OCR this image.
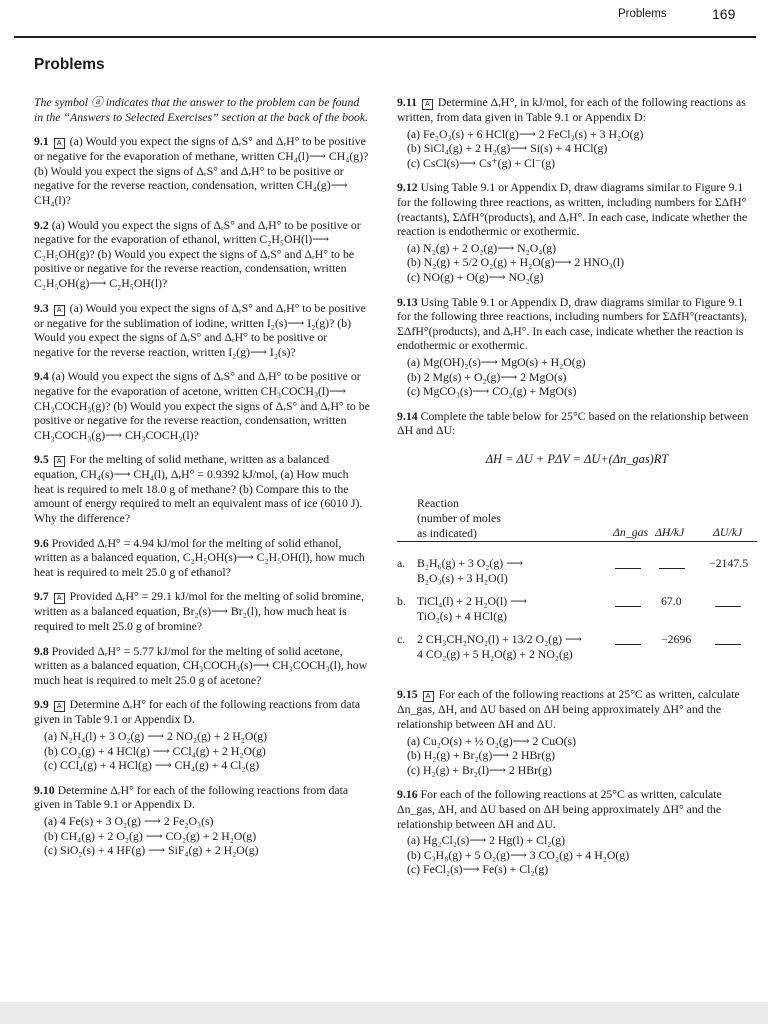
Problems	169
Problems

The symbol ⓐ indicates that the answer to the problem can be found in the “Answers to Selected Exercises” section at the back of the book.

9.1 A (a) Would you expect the signs of ΔᵣS° and ΔᵣH° to be positive or negative for the evaporation of methane, written CH₄(l)⟶ CH₄(g)? (b) Would you expect the signs of ΔᵣS° and ΔᵣH° to be positive or negative for the reverse reaction, condensation, written CH₄(g)⟶ CH₄(l)?

9.2 (a) Would you expect the signs of ΔᵣS° and ΔᵣH° to be positive or negative for the evaporation of ethanol, written C₂H₅OH(l)⟶ C₂H₅OH(g)? (b) Would you expect the signs of ΔᵣS° and ΔᵣH° to be positive or negative for the reverse reaction, condensation, written C₂H₅OH(g)⟶ C₂H₅OH(l)?

9.3 A (a) Would you expect the signs of ΔᵣS° and ΔᵣH° to be positive or negative for the sublimation of iodine, written I₂(s)⟶ I₂(g)? (b) Would you expect the signs of ΔᵣS° and ΔᵣH° to be positive or negative for the reverse reaction, written I₂(g)⟶ I₂(s)?

9.4 (a) Would you expect the signs of ΔᵣS° and ΔᵣH° to be positive or negative for the evaporation of acetone, written CH₃COCH₃(l)⟶ CH₃COCH₃(g)? (b) Would you expect the signs of ΔᵣS° and ΔᵣH° to be positive or negative for the reverse reaction, condensation, written CH₃COCH₃(g)⟶ CH₃COCH₃(l)?

9.5 A For the melting of solid methane, written as a balanced equation, CH₄(s)⟶ CH₄(l), ΔᵣH° = 0.9392 kJ/mol, (a) How much heat is required to melt 18.0 g of methane? (b) Compare this to the amount of energy required to melt an equivalent mass of ice (6010 J). Why the difference?

9.6 Provided ΔᵣH° = 4.94 kJ/mol for the melting of solid ethanol, written as a balanced equation, C₂H₅OH(s)⟶ C₂H₅OH(l), how much heat is required to melt 25.0 g of ethanol?

9.7 A Provided ΔᵣH° = 29.1 kJ/mol for the melting of solid bromine, written as a balanced equation, Br₂(s)⟶ Br₂(l), how much heat is required to melt 25.0 g of bromine?

9.8 Provided ΔᵣH° = 5.77 kJ/mol for the melting of solid acetone, written as a balanced equation, CH₃COCH₃(s)⟶ CH₃COCH₃(l), how much heat is required to melt 25.0 g of acetone?

9.9 A Determine ΔᵣH° for each of the following reactions from data given in Table 9.1 or Appendix D.

(a) N₂H₄(l) + 3 O₂(g) ⟶ 2 NO₂(g) + 2 H₂O(g)
(b) CO₂(g) + 4 HCl(g) ⟶ CCl₄(g) + 2 H₂O(g)
(c) CCl₄(g) + 4 HCl(g) ⟶ CH₄(g) + 4 Cl₂(g)

9.10 Determine ΔᵣH° for each of the following reactions from data given in Table 9.1 or Appendix D.

(a) 4 Fe(s) + 3 O₂(g) ⟶ 2 Fe₂O₃(s)
(b) CH₄(g) + 2 O₂(g) ⟶ CO₂(g) + 2 H₂O(g)
(c) SiO₂(s) + 4 HF(g) ⟶ SiF₄(g) + 2 H₂O(g)

9.11 A Determine ΔᵣH°, in kJ/mol, for each of the following reactions as written, from data given in Table 9.1 or Appendix D:

(a) Fe₂O₃(s) + 6 HCl(g)⟶ 2 FeCl₃(s) + 3 H₂O(g)
(b) SiCl₄(g) + 2 H₂(g)⟶ Si(s) + 4 HCl(g)
(c) CsCl(s)⟶ Cs⁺(g) + Cl⁻(g)

9.12 Using Table 9.1 or Appendix D, draw diagrams similar to Figure 9.1 for the following three reactions, as written, including numbers for ΣΔfH°(reactants), ΣΔfH°(products), and ΔᵣH°. In each case, indicate whether the reaction is endothermic or exothermic.

(a) N₂(g) + 2 O₂(g)⟶ N₂O₄(g)
(b) N₂(g) + 5/2 O₂(g) + H₂O(g)⟶ 2 HNO₃(l)
(c) NO(g) + O(g)⟶ NO₂(g)

9.13 Using Table 9.1 or Appendix D, draw diagrams similar to Figure 9.1 for the following three reactions, including numbers for ΣΔfH°(reactants), ΣΔfH°(products), and ΔᵣH°. In each case, indicate whether the reaction is endothermic or exothermic.

(a) Mg(OH)₂(s)⟶ MgO(s) + H₂O(g)
(b) 2 Mg(s) + O₂(g)⟶ 2 MgO(s)
(c) MgCO₃(s)⟶ CO₂(g) + MgO(s)

9.14 Complete the table below for 25°C based on the relationship between ΔH and ΔU:

ΔH = ΔU + PΔV = ΔU+(Δn_gas)RT
Reaction
(number of moles
as indicated)	Δn_gas ΔH/kJ ΔU/kJ
a. B₂H₆(g) + 3 O₂(g) ⟶
B₂O₃(s) + 3 H₂O(l)
−2147.5
b. TiCl₄(l) + 2 H₂O(l) ⟶
TiO₂(s) + 4 HCl(g)
67.0
c. 2 CH₃CH₂NO₂(l) + 13/2 O₂(g) ⟶
4 CO₂(g) + 5 H₂O(g) + 2 NO₂(g)
−2696

9.15 A For each of the following reactions at 25°C as written, calculate Δn_gas, ΔH, and ΔU based on ΔH being approximately ΔH° and the relationship between ΔH and ΔU.

(a) Cu₂O(s) + ½ O₂(g)⟶ 2 CuO(s)
(b) H₂(g) + Br₂(g)⟶ 2 HBr(g)
(c) H₂(g) + Br₂(l)⟶ 2 HBr(g)

9.16 For each of the following reactions at 25°C as written, calculate Δn_gas, ΔH, and ΔU based on ΔH being approximately ΔH° and the relationship between ΔH and ΔU.

(a) Hg₂Cl₂(s)⟶ 2 Hg(l) + Cl₂(g)
(b) C₃H₈(g) + 5 O₂(g)⟶ 3 CO₂(g) + 4 H₂O(g)
(c) FeCl₂(s)⟶ Fe(s) + Cl₂(g)
